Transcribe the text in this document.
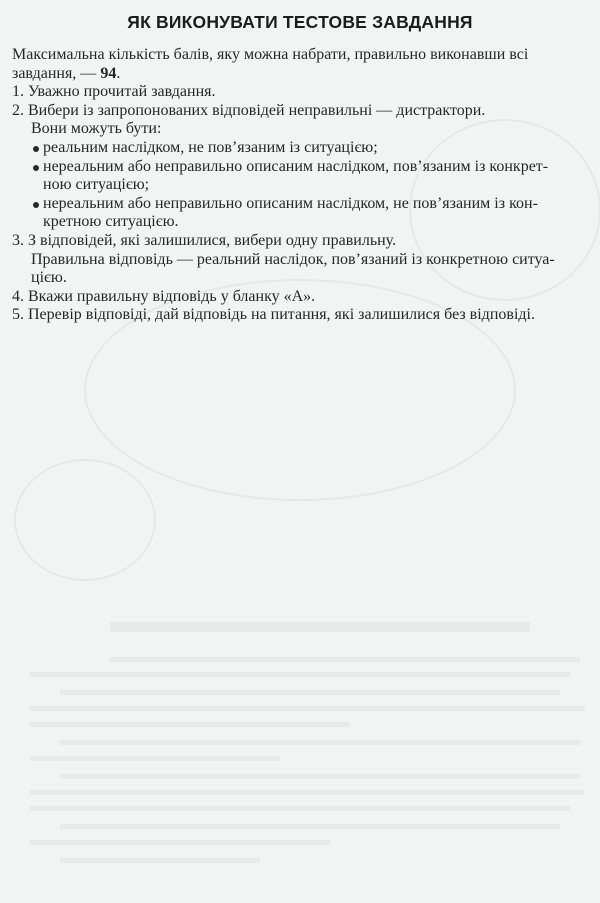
ЯК ВИКОНУВАТИ ТЕСТОВЕ ЗАВДАННЯ
Максимальна кількість балів, яку можна набрати, правильно виконавши всі
завдання, — 94.
1. Уважно прочитай завдання.
2. Вибери із запропонованих відповідей неправильні — дистрактори.
Вони можуть бути:
реальним наслідком, не пов’язаним із ситуацією;
нереальним або неправильно описаним наслідком, пов’язаним із конкрет-
ною ситуацією;
нереальним або неправильно описаним наслідком, не пов’язаним із кон-
кретною ситуацією.
3. З відповідей, які залишилися, вибери одну правильну.
Правильна відповідь — реальний наслідок, пов’язаний із конкретною ситуа-
цією.
4. Вкажи правильну відповідь у бланку «А».
5. Перевір відповіді, дай відповідь на питання, які залишилися без відповіді.
